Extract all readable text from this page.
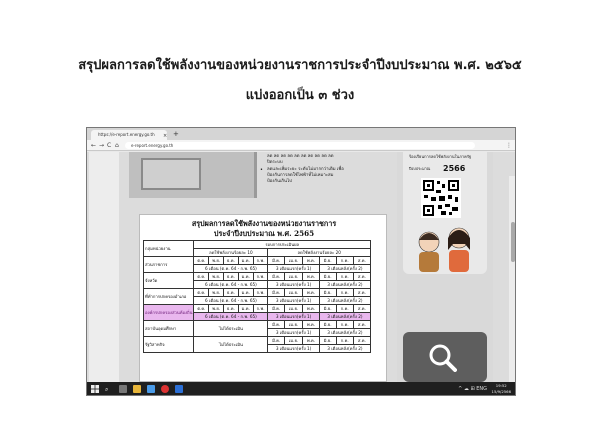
สรุปผลการลดใช้พลังงานของหน่วยงานราชการประจำปีงบประมาณ พ.ศ. ๒๕๖๕
แบ่งออกเป็น ๓ ช่วง
https://e-report.energy.go.th × +
← → C ⌂	e-report.energy.go.th	⋮
•
ลด ลด ลด ลด ลด ลด ลด ลด ลด ลด
ปิดระบบ
ลดและเพิ่มระยะ ระดับไม่มากกว่าเดิม เพื่อ
ป้องกันการลดใช้ไฟฟ้าที่ไม่เหมาะสม
ป้องกันเกินไป
สรุปผลการลดใช้พลังงานของหน่วยงานราชการ
ประจำปีงบประมาณ พ.ศ. 2565
กลุ่มหน่วยงาน	รอบการประเมินผล										
	ลดใช้พลังงานร้อยละ 10					ลดใช้พลังงานร้อยละ 20					
ส่วนราชการ	ต.ค.	พ.ย.	ธ.ค.	ม.ค.	ก.พ.	มี.ค.	เม.ย.	พ.ค.	มิ.ย.	ก.ค.	ส.ค.
	6 เดือน (ต.ค. 64 - ก.พ. 65)					3 เดือนแรก(ครั้ง 1)			3 เดือนหลัง(ครั้ง 2)		
จังหวัด	ต.ค.	พ.ย.	ธ.ค.	ม.ค.	ก.พ.	มี.ค.	เม.ย.	พ.ค.	มิ.ย.	ก.ค.	ส.ค.
	6 เดือน (ต.ค. 64 - ก.พ. 65)					3 เดือนแรก(ครั้ง 1)			3 เดือนหลัง(ครั้ง 2)		
ที่ทำการปกครองอำเภอ	ต.ค.	พ.ย.	ธ.ค.	ม.ค.	ก.พ.	มี.ค.	เม.ย.	พ.ค.	มิ.ย.	ก.ค.	ส.ค.
	6 เดือน (ต.ค. 64 - ก.พ. 65)					3 เดือนแรก(ครั้ง 1)			3 เดือนหลัง(ครั้ง 2)		
องค์กรปกครองส่วนท้องถิ่น	ต.ค.	พ.ย.	ธ.ค.	ม.ค.	ก.พ.	มี.ค.	เม.ย.	พ.ค.	มิ.ย.	ก.ค.	ส.ค.
	6 เดือน (ต.ค. 64 - ก.พ. 65)					3 เดือนแรก(ครั้ง 1)			3 เดือนหลัง(ครั้ง 2)		
สถาบันอุดมศึกษา	ไม่ได้ประเมิน					มี.ค.	เม.ย.	พ.ค.	มิ.ย.	ก.ค.	ส.ค.
						3 เดือนแรก(ครั้ง 1)			3 เดือนหลัง(ครั้ง 2)		
รัฐวิสาหกิจ	ไม่ได้ประเมิน					มี.ค.	เม.ย.	พ.ค.	มิ.ย.	ก.ค.	ส.ค.
						3 เดือนแรก(ครั้ง 1)			3 เดือนหลัง(ครั้ง 2)		
ร้องเรียนการลดใช้พลังงานในภาครัฐ
ปีงบประมาณ 2566
⌕	^ ☁ ⊞ ENG
19:52
15/9/2566
